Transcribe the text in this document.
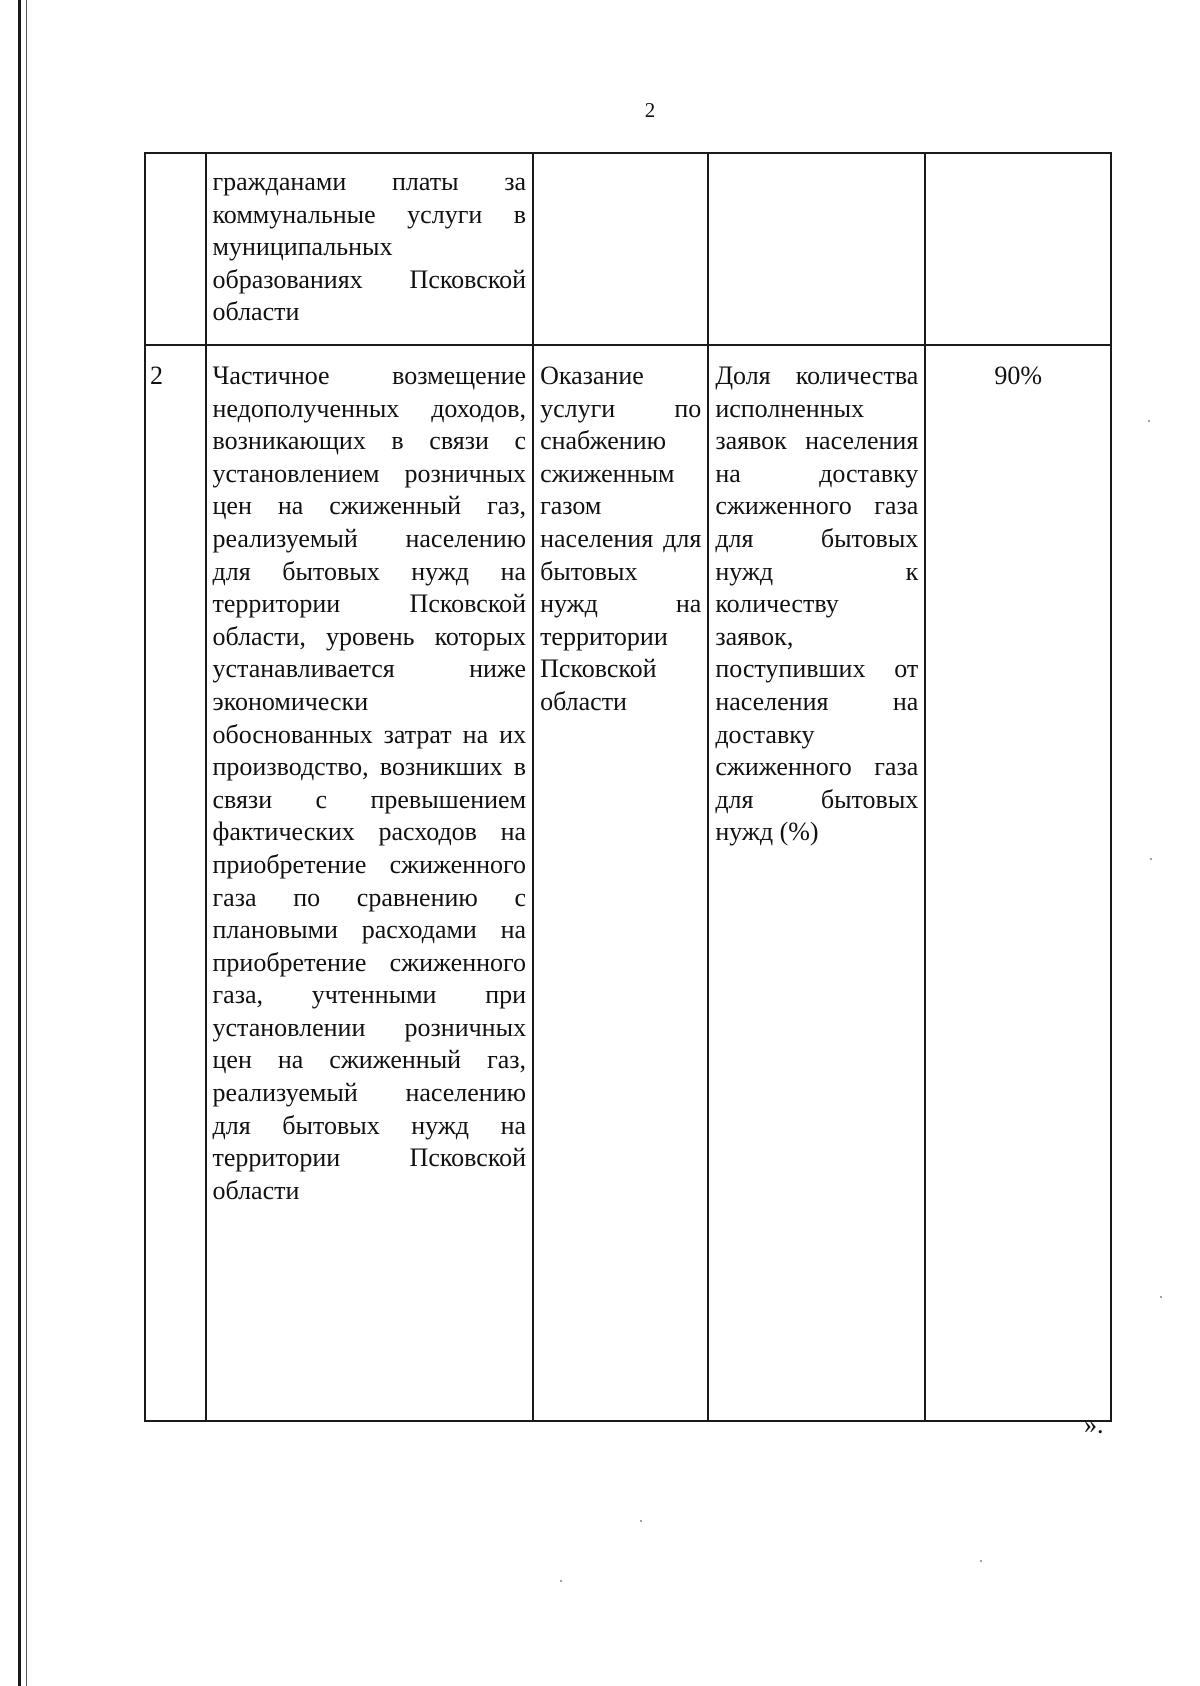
2
	гражданами платы за коммунальные услуги в муниципальных образованиях Псковской области			
2	Частичное возмещение недополученных доходов, возникающих в связи с установлением розничных цен на сжиженный газ, реализуемый населению для бытовых нужд на территории Псковской области, уровень которых устанавливается ниже экономически обоснованных затрат на их производство, возникших в связи с превышением фактических расходов на приобретение сжиженного газа по сравнению с плановыми расходами на приобретение сжиженного газа, учтенными при установлении розничных цен на сжиженный газ, реализуемый населению для бытовых нужд на территории Псковской области	Оказание услуги по снабжению сжиженным газом населения для бытовых нужд на территории Псковской области	Доля количества исполненных заявок населения на доставку сжиженного газа для бытовых нужд к количеству заявок, поступивших от населения на доставку сжиженного газа для бытовых нужд (%)	90%
».
